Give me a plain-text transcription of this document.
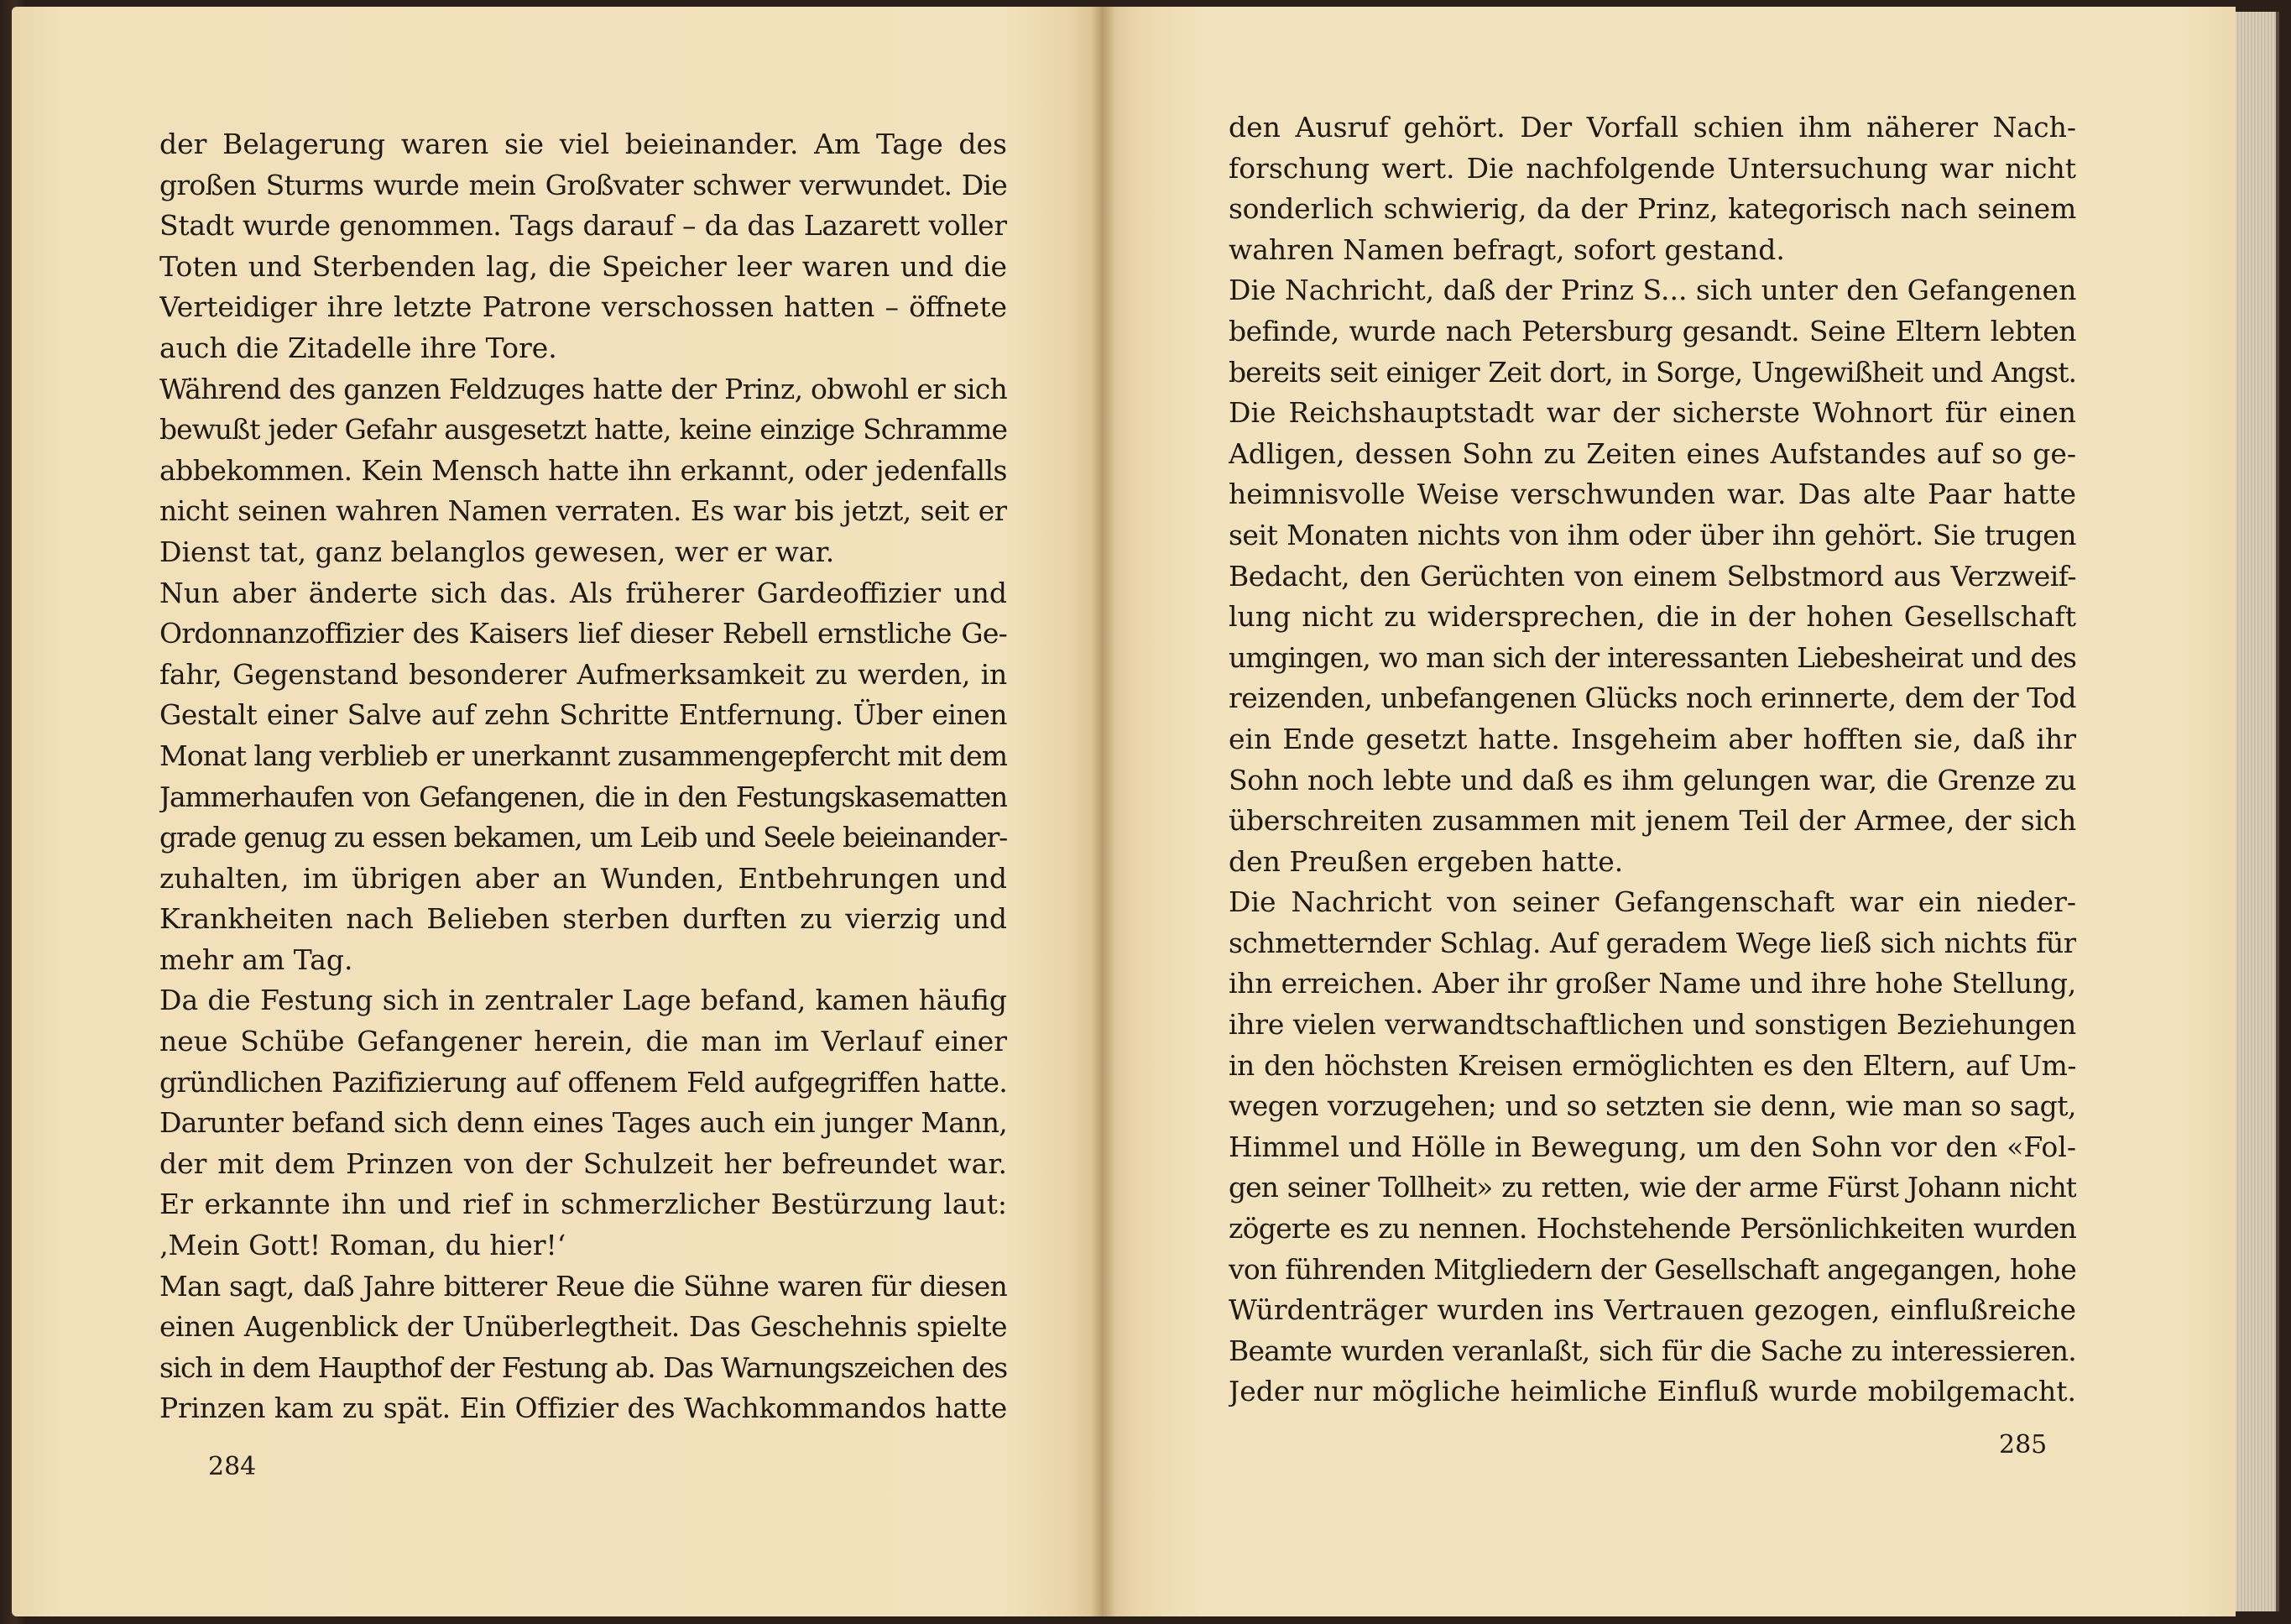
der Belagerung waren sie viel beieinander. Am Tage des
großen Sturms wurde mein Großvater schwer verwundet. Die
Stadt wurde genommen. Tags darauf – da das Lazarett voller
Toten und Sterbenden lag, die Speicher leer waren und die
Verteidiger ihre letzte Patrone verschossen hatten – öffnete
auch die Zitadelle ihre Tore.
Während des ganzen Feldzuges hatte der Prinz, obwohl er sich
bewußt jeder Gefahr ausgesetzt hatte, keine einzige Schramme
abbekommen. Kein Mensch hatte ihn erkannt, oder jedenfalls
nicht seinen wahren Namen verraten. Es war bis jetzt, seit er
Dienst tat, ganz belanglos gewesen, wer er war.
Nun aber änderte sich das. Als früherer Gardeoffizier und
Ordonnanzoffizier des Kaisers lief dieser Rebell ernstliche Ge-
fahr, Gegenstand besonderer Aufmerksamkeit zu werden, in
Gestalt einer Salve auf zehn Schritte Entfernung. Über einen
Monat lang verblieb er unerkannt zusammengepfercht mit dem
Jammerhaufen von Gefangenen, die in den Festungskasematten
grade genug zu essen bekamen, um Leib und Seele beieinander-
zuhalten, im übrigen aber an Wunden, Entbehrungen und
Krankheiten nach Belieben sterben durften zu vierzig und
mehr am Tag.
Da die Festung sich in zentraler Lage befand, kamen häufig
neue Schübe Gefangener herein, die man im Verlauf einer
gründlichen Pazifizierung auf offenem Feld aufgegriffen hatte.
Darunter befand sich denn eines Tages auch ein junger Mann,
der mit dem Prinzen von der Schulzeit her befreundet war.
Er erkannte ihn und rief in schmerzlicher Bestürzung laut:
‚Mein Gott! Roman, du hier!‘
Man sagt, daß Jahre bitterer Reue die Sühne waren für diesen
einen Augenblick der Unüberlegtheit. Das Geschehnis spielte
sich in dem Haupthof der Festung ab. Das Warnungszeichen des
Prinzen kam zu spät. Ein Offizier des Wachkommandos hatte
den Ausruf gehört. Der Vorfall schien ihm näherer Nach-
forschung wert. Die nachfolgende Untersuchung war nicht
sonderlich schwierig, da der Prinz, kategorisch nach seinem
wahren Namen befragt, sofort gestand.
Die Nachricht, daß der Prinz S... sich unter den Gefangenen
befinde, wurde nach Petersburg gesandt. Seine Eltern lebten
bereits seit einiger Zeit dort, in Sorge, Ungewißheit und Angst.
Die Reichshauptstadt war der sicherste Wohnort für einen
Adligen, dessen Sohn zu Zeiten eines Aufstandes auf so ge-
heimnisvolle Weise verschwunden war. Das alte Paar hatte
seit Monaten nichts von ihm oder über ihn gehört. Sie trugen
Bedacht, den Gerüchten von einem Selbstmord aus Verzweif-
lung nicht zu widersprechen, die in der hohen Gesellschaft
umgingen, wo man sich der interessanten Liebesheirat und des
reizenden, unbefangenen Glücks noch erinnerte, dem der Tod
ein Ende gesetzt hatte. Insgeheim aber hofften sie, daß ihr
Sohn noch lebte und daß es ihm gelungen war, die Grenze zu
überschreiten zusammen mit jenem Teil der Armee, der sich
den Preußen ergeben hatte.
Die Nachricht von seiner Gefangenschaft war ein nieder-
schmetternder Schlag. Auf geradem Wege ließ sich nichts für
ihn erreichen. Aber ihr großer Name und ihre hohe Stellung,
ihre vielen verwandtschaftlichen und sonstigen Beziehungen
in den höchsten Kreisen ermöglichten es den Eltern, auf Um-
wegen vorzugehen; und so setzten sie denn, wie man so sagt,
Himmel und Hölle in Bewegung, um den Sohn vor den «Fol-
gen seiner Tollheit» zu retten, wie der arme Fürst Johann nicht
zögerte es zu nennen. Hochstehende Persönlichkeiten wurden
von führenden Mitgliedern der Gesellschaft angegangen, hohe
Würdenträger wurden ins Vertrauen gezogen, einflußreiche
Beamte wurden veranlaßt, sich für die Sache zu interessieren.
Jeder nur mögliche heimliche Einfluß wurde mobilgemacht.
284
285
